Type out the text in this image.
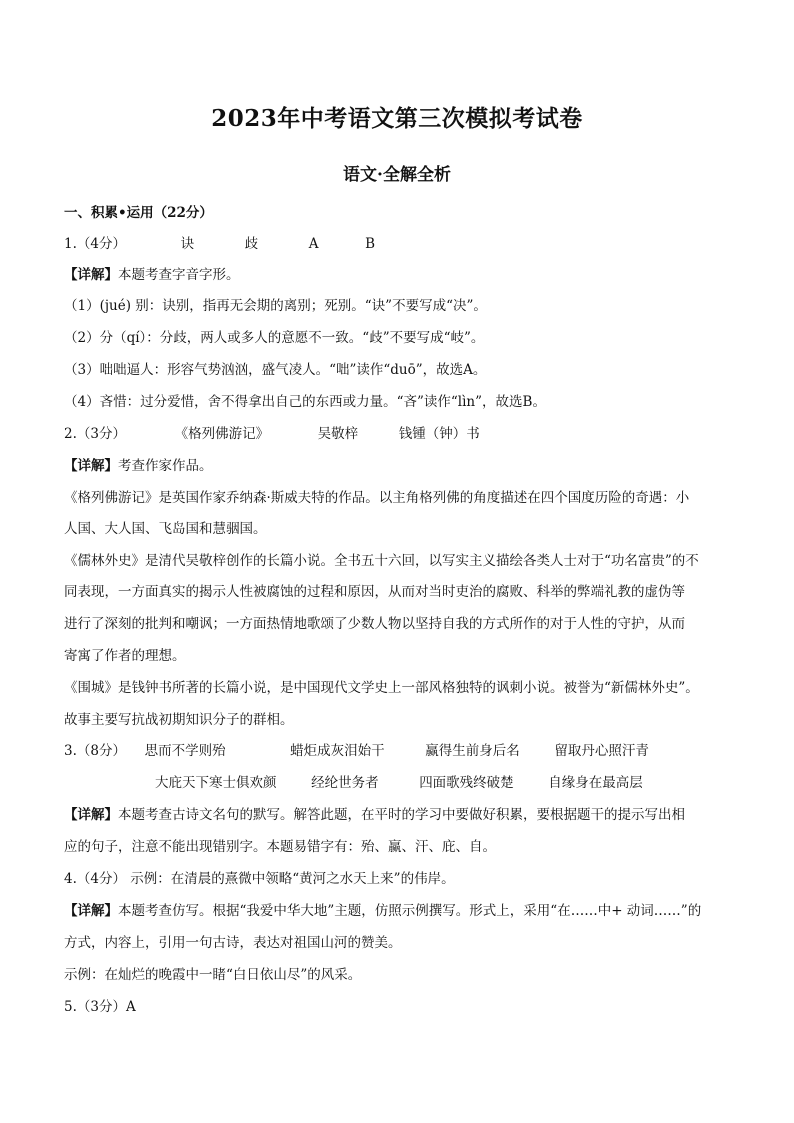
2023年中考语文第三次模拟考试卷
语文·全解全析
一、积累•运用（22分）
1.（4分）	诀	歧	A	B
【详解】本题考查字音字形。
（1）(jué) 别：诀别，指再无会期的离别；死别。“诀”不要写成“决”。
（2）分（qí）：分歧，两人或多人的意愿不一致。“歧”不要写成“岐”。
（3）咄咄逼人：形容气势汹汹，盛气凌人。“咄”读作“duō”，故选A。
（4）吝惜：过分爱惜，舍不得拿出自己的东西或力量。“吝”读作“lìn”，故选B。
2.（3分）	《格列佛游记》	吴敬梓	钱锺（钟）书
【详解】考查作家作品。
《格列佛游记》是英国作家乔纳森·斯威夫特的作品。以主角格列佛的角度描述在四个国度历险的奇遇：小
人国、大人国、飞岛国和慧骃国。
《儒林外史》是清代吴敬梓创作的长篇小说。全书五十六回，以写实主义描绘各类人士对于“功名富贵”的不
同表现，一方面真实的揭示人性被腐蚀的过程和原因，从而对当时吏治的腐败、科举的弊端礼教的虚伪等
进行了深刻的批判和嘲讽；一方面热情地歌颂了少数人物以坚持自我的方式所作的对于人性的守护，从而
寄寓了作者的理想。
《围城》是钱钟书所著的长篇小说，是中国现代文学史上一部风格独特的讽刺小说。被誉为“新儒林外史”。
故事主要写抗战初期知识分子的群相。
3.（8分） 思而不学则殆	蜡炬成灰泪始干	赢得生前身后名	留取丹心照汗青
大庇天下寒士俱欢颜	经纶世务者	四面歌残终破楚	自缘身在最高层
【详解】本题考查古诗文名句的默写。解答此题，在平时的学习中要做好积累，要根据题干的提示写出相
应的句子，注意不能出现错别字。本题易错字有：殆、赢、汗、庇、自。
4.（4分） 示例：在清晨的熹微中领略“黄河之水天上来”的伟岸。
【详解】本题考查仿写。根据“我爱中华大地”主题，仿照示例撰写。形式上，采用“在……中+ 动词……”的
方式，内容上，引用一句古诗，表达对祖国山河的赞美。
示例：在灿烂的晚霞中一睹“白日依山尽”的风采。
5.（3分）A
